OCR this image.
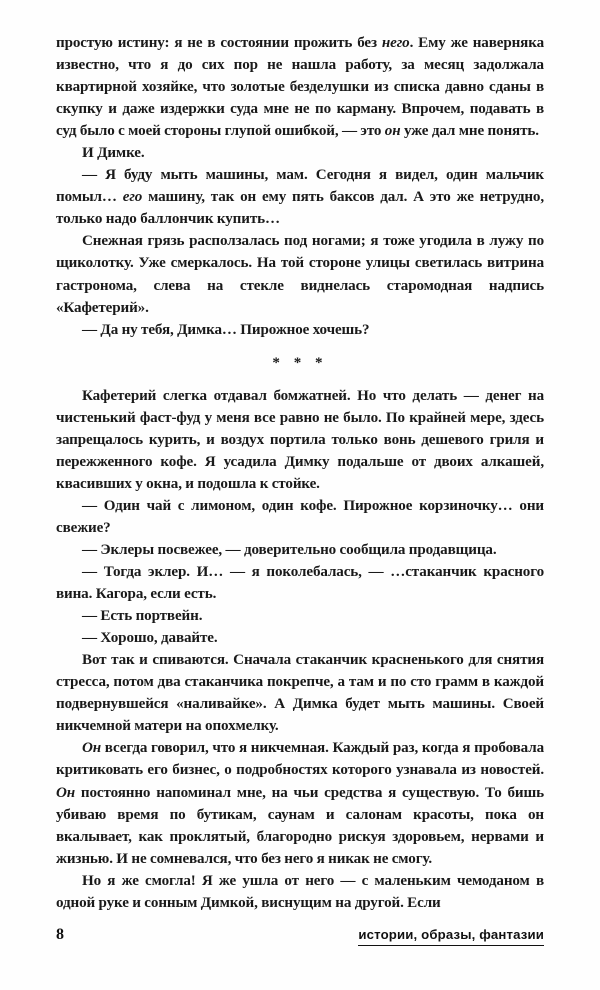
простую истину: я не в состоянии прожить без него. Ему же наверняка известно, что я до сих пор не нашла работу, за месяц задолжала квартирной хозяйке, что золотые безделушки из списка давно сданы в скупку и даже издержки суда мне не по карману. Впрочем, подавать в суд было с моей стороны глупой ошибкой, — это он уже дал мне понять.

И Димке.

— Я буду мыть машины, мам. Сегодня я видел, один мальчик помыл… его машину, так он ему пять баксов дал. А это же нетрудно, только надо баллончик купить…

Снежная грязь расползалась под ногами; я тоже угодила в лужу по щиколотку. Уже смеркалось. На той стороне улицы светилась витрина гастронома, слева на стекле виднелась старомодная надпись «Кафетерий».

— Да ну тебя, Димка… Пирожное хочешь?

* * *

Кафетерий слегка отдавал бомжатней. Но что делать — денег на чистенький фаст-фуд у меня все равно не было. По крайней мере, здесь запрещалось курить, и воздух портила только вонь дешевого гриля и пережженного кофе. Я усадила Димку подальше от двоих алкашей, квасивших у окна, и подошла к стойке.

— Один чай с лимоном, один кофе. Пирожное корзиночку… они свежие?

— Эклеры посвежее, — доверительно сообщила продавщица.

— Тогда эклер. И… — я поколебалась, — …стаканчик красного вина. Кагора, если есть.

— Есть портвейн.

— Хорошо, давайте.

Вот так и спиваются. Сначала стаканчик красненького для снятия стресса, потом два стаканчика покрепче, а там и по сто грамм в каждой подвернувшейся «наливайке». А Димка будет мыть машины. Своей никчемной матери на опохмелку.

Он всегда говорил, что я никчемная. Каждый раз, когда я пробовала критиковать его бизнес, о подробностях которого узнавала из новостей. Он постоянно напоминал мне, на чьи средства я существую. То бишь убиваю время по бутикам, саунам и салонам красоты, пока он вкалывает, как проклятый, благородно рискуя здоровьем, нервами и жизнью. И не сомневался, что без него я никак не смогу.

Но я же смогла! Я же ушла от него — с маленьким чемоданом в одной руке и сонным Димкой, виснущим на другой. Если

8	истории, образы, фантазии
